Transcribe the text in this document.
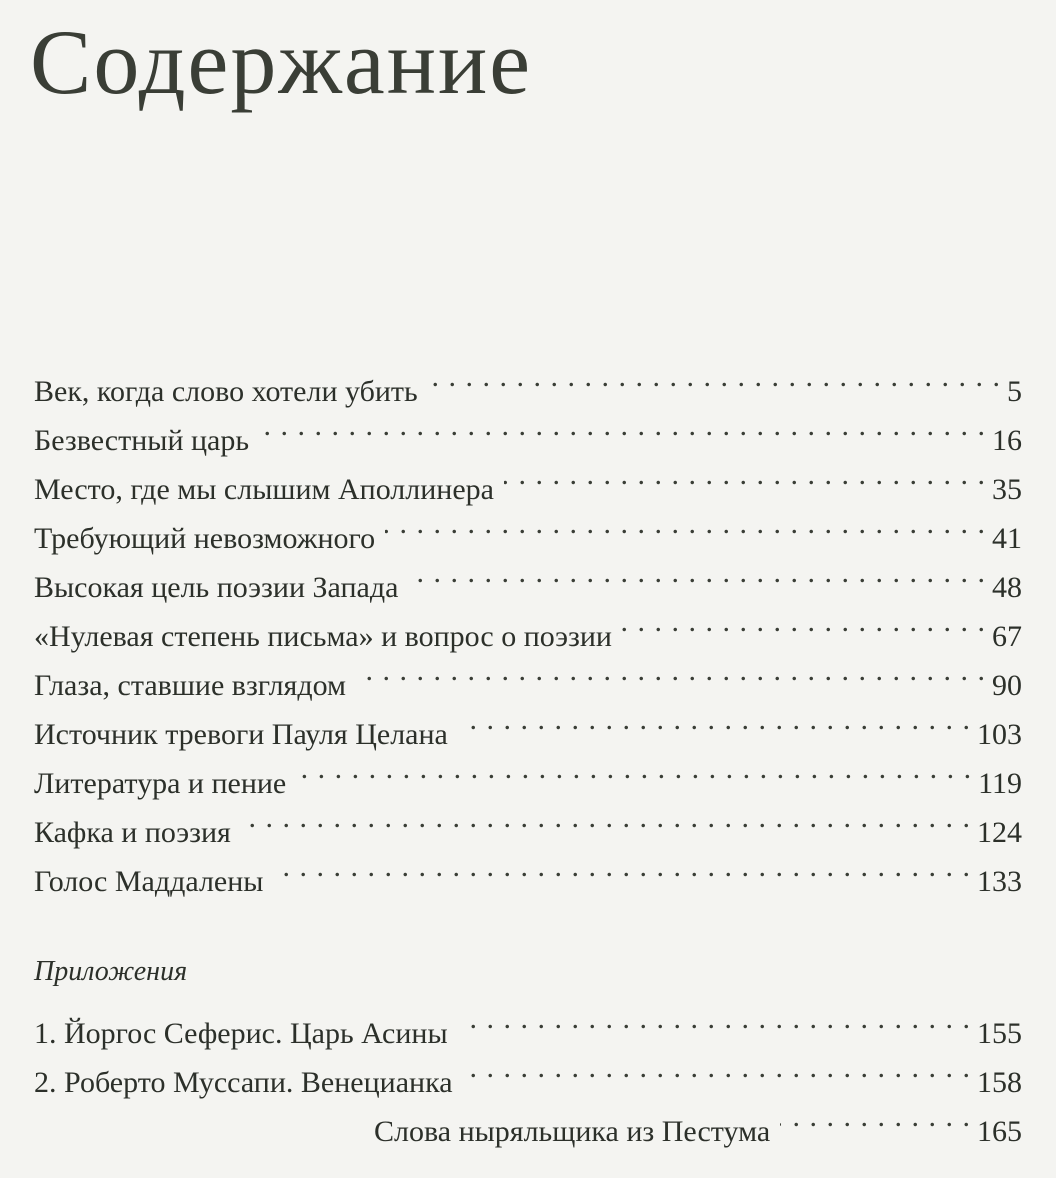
Содержание
Век, когда слово хотели убить . . .	5
Безвестный царь . . .	16
Место, где мы слышим Аполлинера . . .	35
Требующий невозможного . . .	41
Высокая цель поэзии Запада . . .	48
«Нулевая степень письма» и вопрос о поэзии . . .	67
Глаза, ставшие взглядом . . .	90
Источник тревоги Пауля Целана . . .	103
Литература и пение . . .	119
Кафка и поэзия . . .	124
Голос Маддалены . . .	133
Приложения
1. Йоргос Сеферис. Царь Асины . . .	155
2. Роберто Муссапи. Венецианка . . .	158
Слова ныряльщика из Пестума . . .	165
